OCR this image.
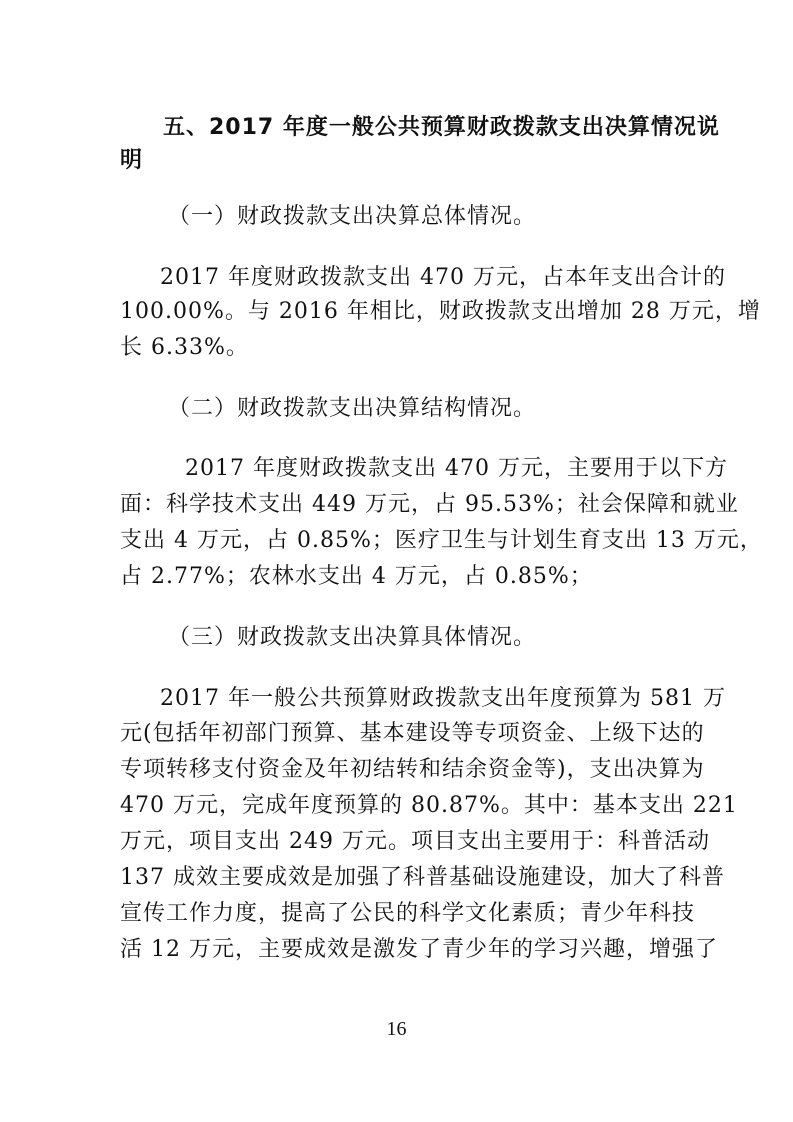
五、2017 年度一般公共预算财政拨款支出决算情况说
明
（一）财政拨款支出决算总体情况。
2017 年度财政拨款支出 470 万元，占本年支出合计的
100.00%。与 2016 年相比，财政拨款支出增加 28 万元，增
长 6.33%。
（二）财政拨款支出决算结构情况。
2017 年度财政拨款支出 470 万元，主要用于以下方
面：科学技术支出 449 万元，占 95.53%；社会保障和就业
支出 4 万元，占 0.85%；医疗卫生与计划生育支出 13 万元，
占 2.77%；农林水支出 4 万元，占 0.85%；
（三）财政拨款支出决算具体情况。
2017 年一般公共预算财政拨款支出年度预算为 581 万
元(包括年初部门预算、基本建设等专项资金、上级下达的
专项转移支付资金及年初结转和结余资金等)，支出决算为
470 万元，完成年度预算的 80.87%。其中：基本支出 221
万元，项目支出 249 万元。项目支出主要用于：科普活动
137 成效主要成效是加强了科普基础设施建设，加大了科普
宣传工作力度，提高了公民的科学文化素质；青少年科技
活 12 万元，主要成效是激发了青少年的学习兴趣，增强了
16
